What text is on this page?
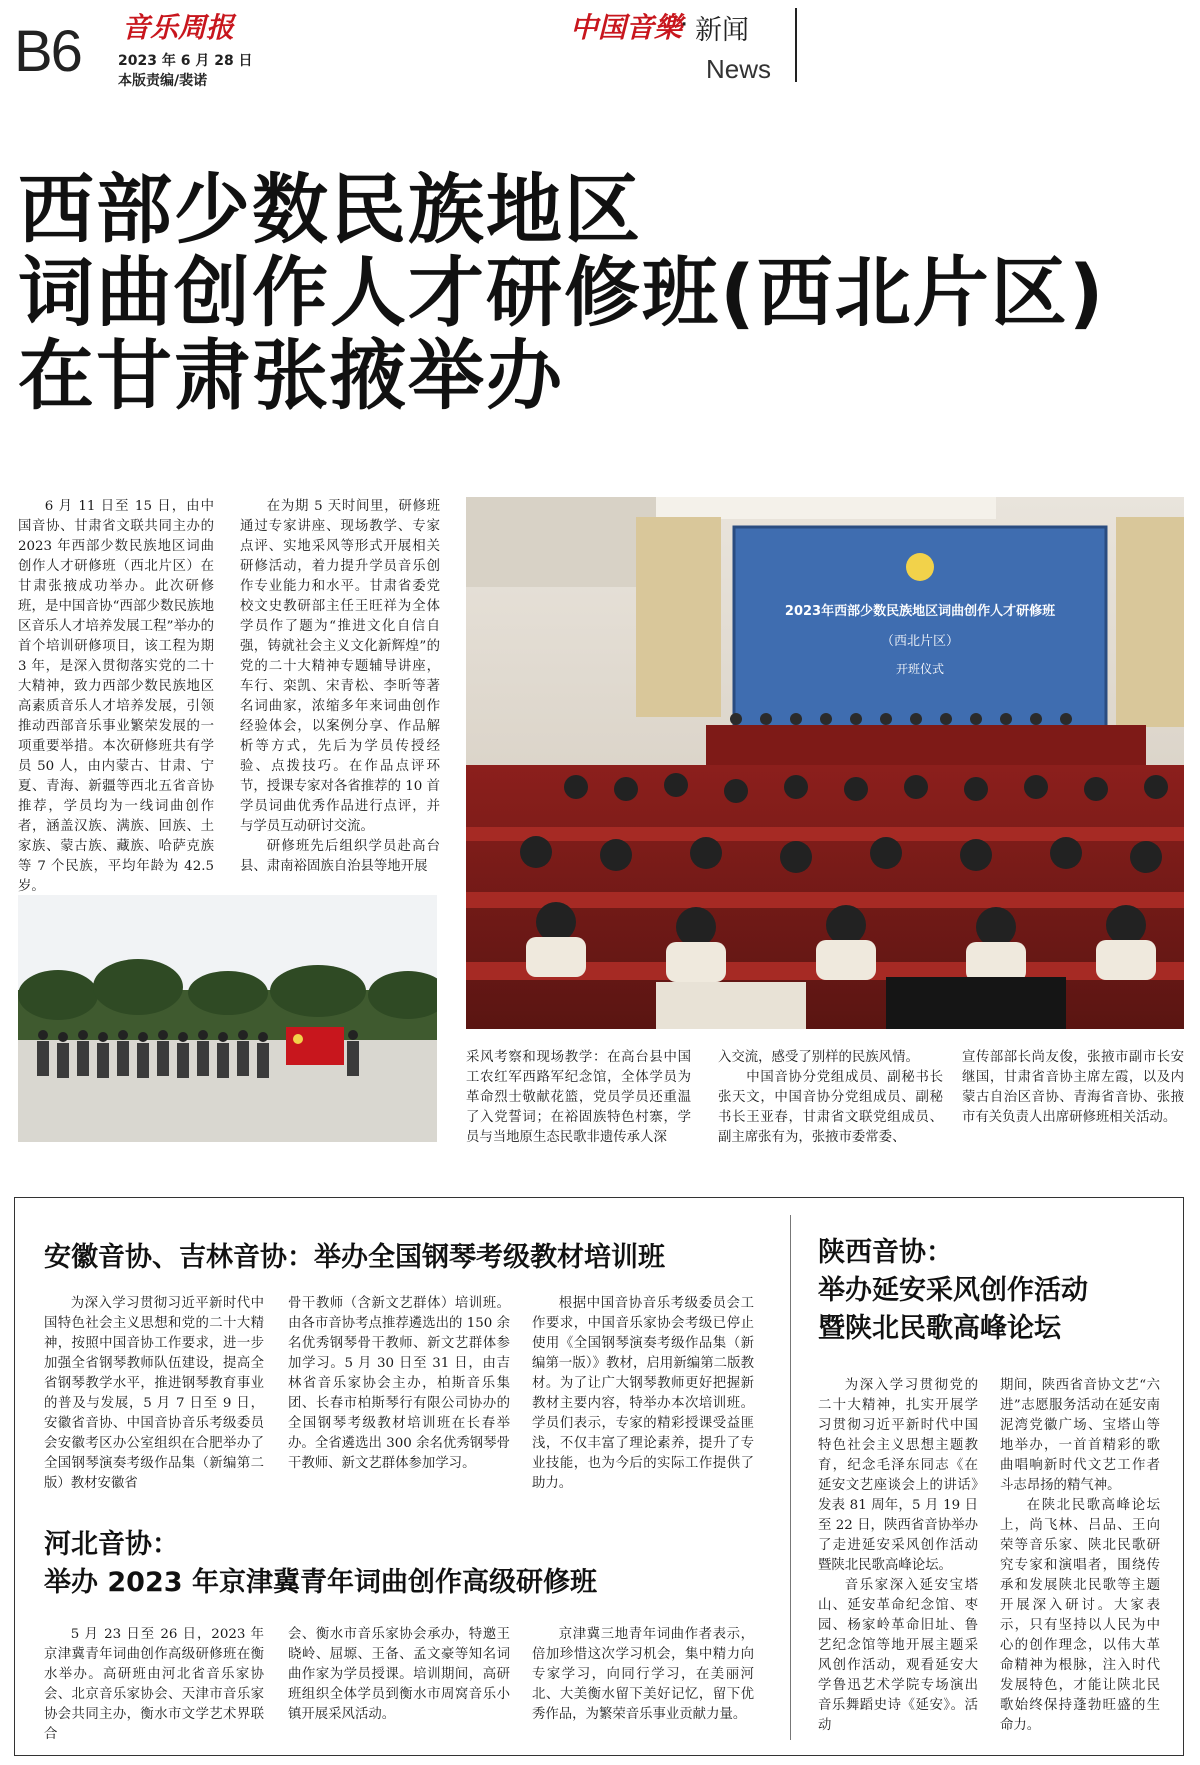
B6 音乐周报
2023 年 6 月 28 日
本版责编/裴诺
中国音樂
· 新闻
News
西部少数民族地区
词曲创作人才研修班(西北片区)
在甘肃张掖举办

6 月 11 日至 15 日，由中国音协、甘肃省文联共同主办的 2023 年西部少数民族地区词曲创作人才研修班（西北片区）在甘肃张掖成功举办。此次研修班，是中国音协“西部少数民族地区音乐人才培养发展工程”举办的首个培训研修项目，该工程为期 3 年，是深入贯彻落实党的二十大精神，致力西部少数民族地区高素质音乐人才培养发展，引领推动西部音乐事业繁荣发展的一项重要举措。本次研修班共有学员 50 人，由内蒙古、甘肃、宁夏、青海、新疆等西北五省音协推荐，学员均为一线词曲创作者，涵盖汉族、满族、回族、土家族、蒙古族、藏族、哈萨克族等 7 个民族，平均年龄为 42.5 岁。

在为期 5 天时间里，研修班通过专家讲座、现场教学、专家点评、实地采风等形式开展相关研修活动，着力提升学员音乐创作专业能力和水平。甘肃省委党校文史教研部主任王旺祥为全体学员作了题为“推进文化自信自强，铸就社会主义文化新辉煌”的党的二十大精神专题辅导讲座，车行、栾凯、宋青松、李昕等著名词曲家，浓缩多年来词曲创作经验体会，以案例分享、作品解析等方式，先后为学员传授经验、点拨技巧。在作品点评环节，授课专家对各省推荐的 10 首学员词曲优秀作品进行点评，并与学员互动研讨交流。

研修班先后组织学员赴高台县、肃南裕固族自治县等地开展

2023年西部少数民族地区词曲创作人才研修班
（西北片区）
开班仪式
采风考察和现场教学：在高台县中国工农红军西路军纪念馆，全体学员为革命烈士敬献花篮，党员学员还重温了入党誓词；在裕固族特色村寨，学员与当地原生态民歌非遗传承人深
入交流，感受了别样的民族风情。
　　中国音协分党组成员、副秘书长张天文，中国音协分党组成员、副秘书长王亚春，甘肃省文联党组成员、副主席张有为，张掖市委常委、
宣传部部长尚友俊，张掖市副市长安继国，甘肃省音协主席左霞，以及内蒙古自治区音协、青海省音协、张掖市有关负责人出席研修班相关活动。
安徽音协、吉林音协：举办全国钢琴考级教材培训班

为深入学习贯彻习近平新时代中国特色社会主义思想和党的二十大精神，按照中国音协工作要求，进一步加强全省钢琴教师队伍建设，提高全省钢琴教学水平，推进钢琴教育事业的普及与发展，5 月 7 日至 9 日，安徽省音协、中国音协音乐考级委员会安徽考区办公室组织在合肥举办了全国钢琴演奏考级作品集（新编第二版）教材安徽省

骨干教师（含新文艺群体）培训班。由各市音协考点推荐遴选出的 150 余名优秀钢琴骨干教师、新文艺群体参加学习。5 月 30 日至 31 日，由吉林省音乐家协会主办，柏斯音乐集团、长春市柏斯琴行有限公司协办的全国钢琴考级教材培训班在长春举办。全省遴选出 300 余名优秀钢琴骨干教师、新文艺群体参加学习。

根据中国音协音乐考级委员会工作要求，中国音乐家协会考级已停止使用《全国钢琴演奏考级作品集（新编第一版）》教材，启用新编第二版教材。为了让广大钢琴教师更好把握新教材主要内容，特举办本次培训班。学员们表示，专家的精彩授课受益匪浅，不仅丰富了理论素养，提升了专业技能，也为今后的实际工作提供了助力。

河北音协：
举办 2023 年京津冀青年词曲创作高级研修班

5 月 23 日至 26 日，2023 年京津冀青年词曲创作高级研修班在衡水举办。高研班由河北省音乐家协会、北京音乐家协会、天津市音乐家协会共同主办，衡水市文学艺术界联合

会、衡水市音乐家协会承办，特邀王晓岭、屈塬、王备、孟文豪等知名词曲作家为学员授课。培训期间，高研班组织全体学员到衡水市周窝音乐小镇开展采风活动。

京津冀三地青年词曲作者表示，倍加珍惜这次学习机会，集中精力向专家学习，向同行学习，在美丽河北、大美衡水留下美好记忆，留下优秀作品，为繁荣音乐事业贡献力量。

陕西音协：
举办延安采风创作活动
暨陕北民歌高峰论坛

为深入学习贯彻党的二十大精神，扎实开展学习贯彻习近平新时代中国特色社会主义思想主题教育，纪念毛泽东同志《在延安文艺座谈会上的讲话》发表 81 周年，5 月 19 日至 22 日，陕西省音协举办了走进延安采风创作活动暨陕北民歌高峰论坛。

音乐家深入延安宝塔山、延安革命纪念馆、枣园、杨家岭革命旧址、鲁艺纪念馆等地开展主题采风创作活动，观看延安大学鲁迅艺术学院专场演出音乐舞蹈史诗《延安》。活动

期间，陕西省音协文艺“六进”志愿服务活动在延安南泥湾党徽广场、宝塔山等地举办，一首首精彩的歌曲唱响新时代文艺工作者斗志昂扬的精气神。

在陕北民歌高峰论坛上，尚飞林、吕品、王向荣等音乐家、陕北民歌研究专家和演唱者，围绕传承和发展陕北民歌等主题开展深入研讨。大家表示，只有坚持以人民为中心的创作理念，以伟大革命精神为根脉，注入时代发展特色，才能让陕北民歌始终保持蓬勃旺盛的生命力。
